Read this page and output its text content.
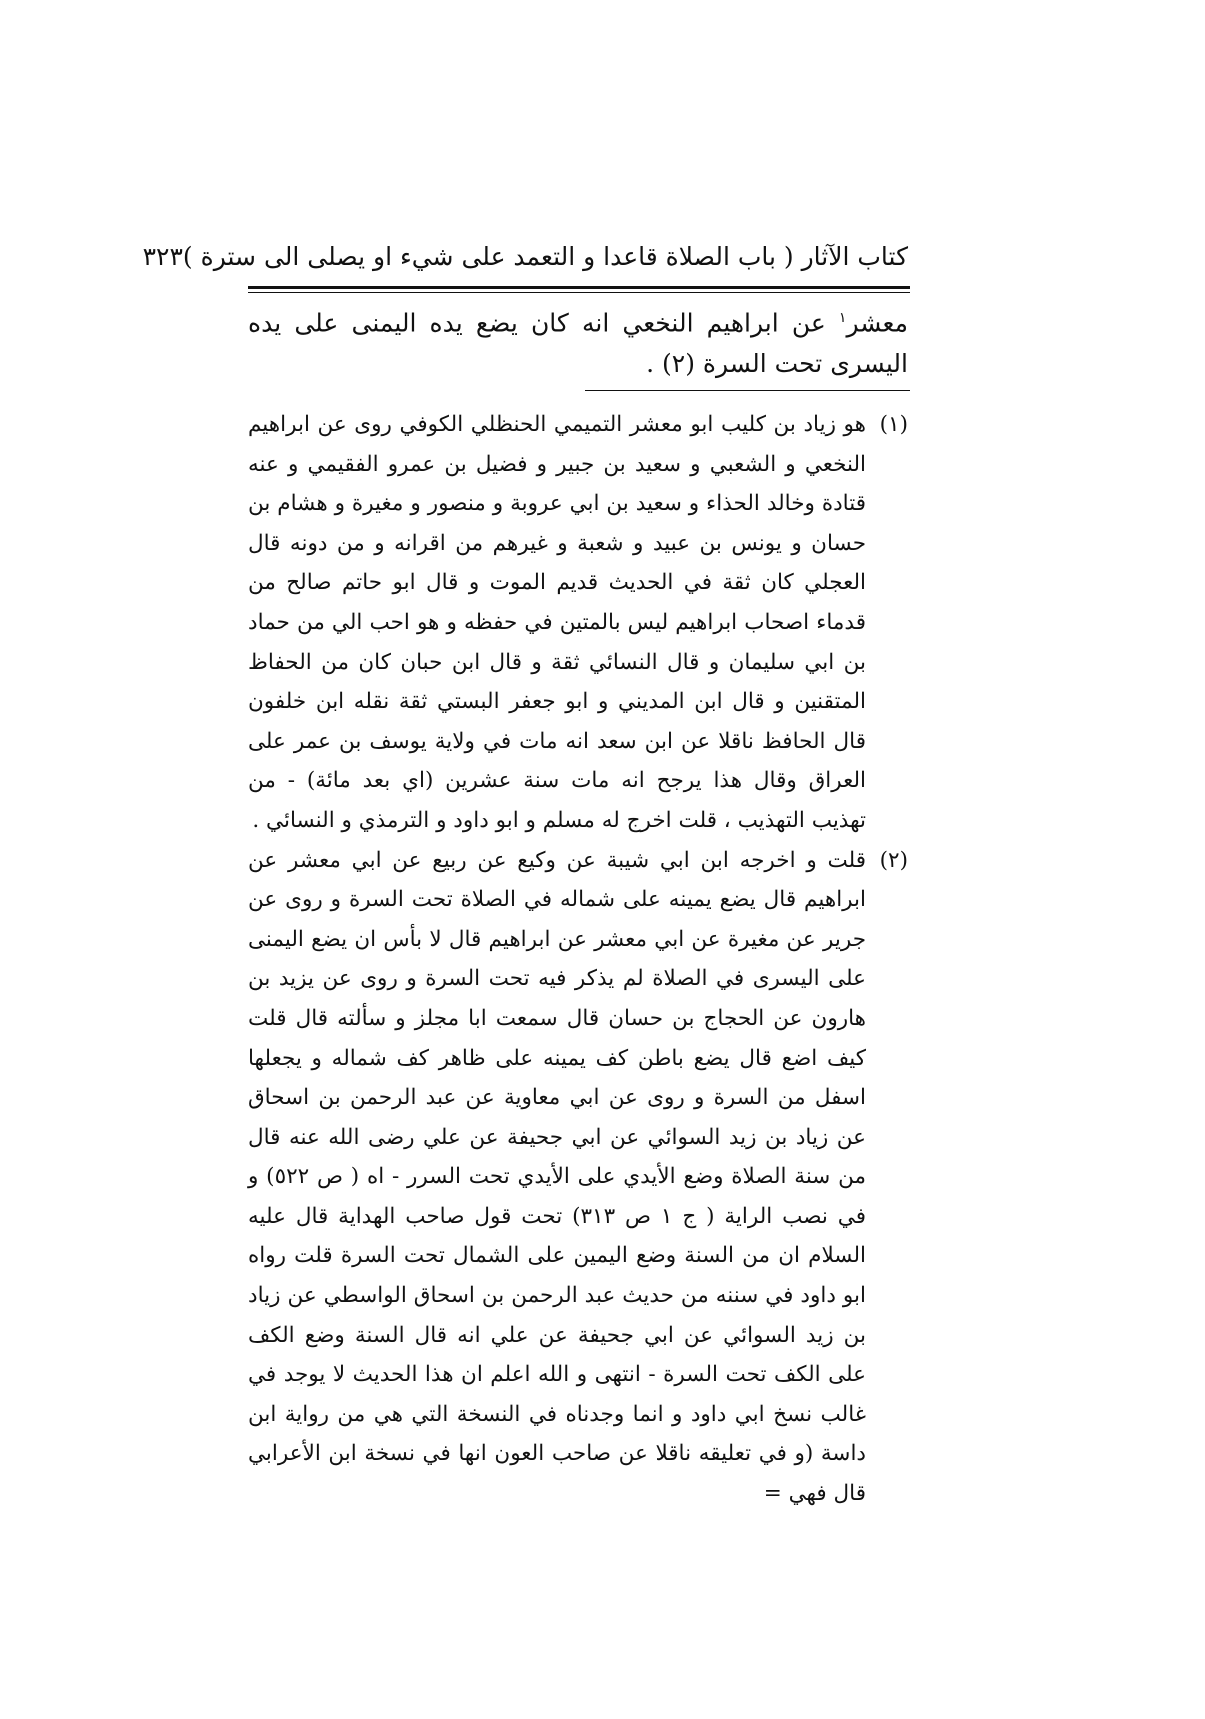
كتاب الآثار ( باب الصلاة قاعدا و التعمد على شيء او يصلى الى سترة )
٣٢٣
معشر$^١$ عن ابراهيم النخعي انه كان يضع يده اليمنى على يده اليسرى تحت السرة (٢) .
(١)
هو زياد بن كليب ابو معشر التميمي الحنظلي الكوفي روى عن ابراهيم النخعي و الشعبي و سعيد بن جبير و فضيل بن عمرو الفقيمي و عنه قتادة وخالد الحذاء و سعيد بن ابي عروبة و منصور و مغيرة و هشام بن حسان و يونس بن عبيد و شعبة و غيرهم من اقرانه و من دونه قال العجلي كان ثقة في الحديث قديم الموت و قال ابو حاتم صالح من قدماء اصحاب ابراهيم ليس بالمتين في حفظه و هو احب الي من حماد بن ابي سليمان و قال النسائي ثقة و قال ابن حبان كان من الحفاظ المتقنين و قال ابن المديني و ابو جعفر البستي ثقة نقله ابن خلفون قال الحافظ ناقلا عن ابن سعد انه مات في ولاية يوسف بن عمر على العراق وقال هذا يرجح انه مات سنة عشرين (اي بعد مائة) - من تهذيب التهذيب ، قلت اخرج له مسلم و ابو داود و الترمذي و النسائي .
(٢)
قلت و اخرجه ابن ابي شيبة عن وكيع عن ربيع عن ابي معشر عن ابراهيم قال يضع يمينه على شماله في الصلاة تحت السرة و روى عن جرير عن مغيرة عن ابي معشر عن ابراهيم قال لا بأس ان يضع اليمنى على اليسرى في الصلاة لم يذكر فيه تحت السرة و روى عن يزيد بن هارون عن الحجاج بن حسان قال سمعت ابا مجلز و سألته قال قلت كيف اضع قال يضع باطن كف يمينه على ظاهر كف شماله و يجعلها اسفل من السرة و روى عن ابي معاوية عن عبد الرحمن بن اسحاق عن زياد بن زيد السوائي عن ابي جحيفة عن علي رضى الله عنه قال من سنة الصلاة وضع الأيدي على الأيدي تحت السرر - اه ( ص ٥٢٢) و في نصب الراية ( ج ١ ص ٣١٣) تحت قول صاحب الهداية قال عليه السلام ان من السنة وضع اليمين على الشمال تحت السرة قلت رواه ابو داود في سننه من حديث عبد الرحمن بن اسحاق الواسطي عن زياد بن زيد السوائي عن ابي جحيفة عن علي انه قال السنة وضع الكف على الكف تحت السرة - انتهى و الله اعلم ان هذا الحديث لا يوجد في غالب نسخ ابي داود و انما وجدناه في النسخة التي هي من رواية ابن داسة (و في تعليقه ناقلا عن صاحب العون انها في نسخة ابن الأعرابي قال فهي =
